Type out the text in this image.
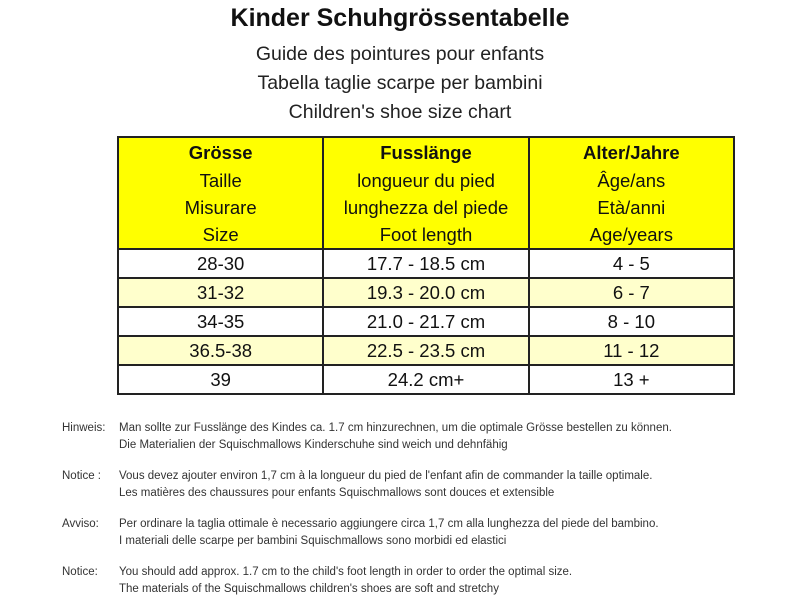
Kinder Schuhgrössentabelle
Guide des pointures pour enfants
Tabella taglie scarpe per bambini
Children's shoe size chart
Grösse	Fusslänge	Alter/Jahre
Taille	longueur du pied	Âge/ans
Misurare	lunghezza del piede	Età/anni
Size	Foot length	Age/years
28-30	17.7 - 18.5 cm	4 - 5
31-32	19.3 - 20.0 cm	6 - 7
34-35	21.0 - 21.7 cm	8 - 10
36.5-38	22.5 - 23.5 cm	11 - 12
39	24.2 cm+	13 +
Hinweis:	Man sollte zur Fusslänge des Kindes ca. 1.7 cm hinzurechnen, um die optimale Grösse bestellen zu können.
Die Materialien der Squischmallows Kinderschuhe sind weich und dehnfähig
Notice :	Vous devez ajouter environ 1,7 cm à la longueur du pied de l'enfant afin de commander la taille optimale.
Les matières des chaussures pour enfants Squischmallows sont douces et extensible
Avviso:	Per ordinare la taglia ottimale è necessario aggiungere circa 1,7 cm alla lunghezza del piede del bambino.
I materiali delle scarpe per bambini Squischmallows sono morbidi ed elastici
Notice:	You should add approx. 1.7 cm to the child's foot length in order to order the optimal size.
The materials of the Squischmallows children's shoes are soft and stretchy
